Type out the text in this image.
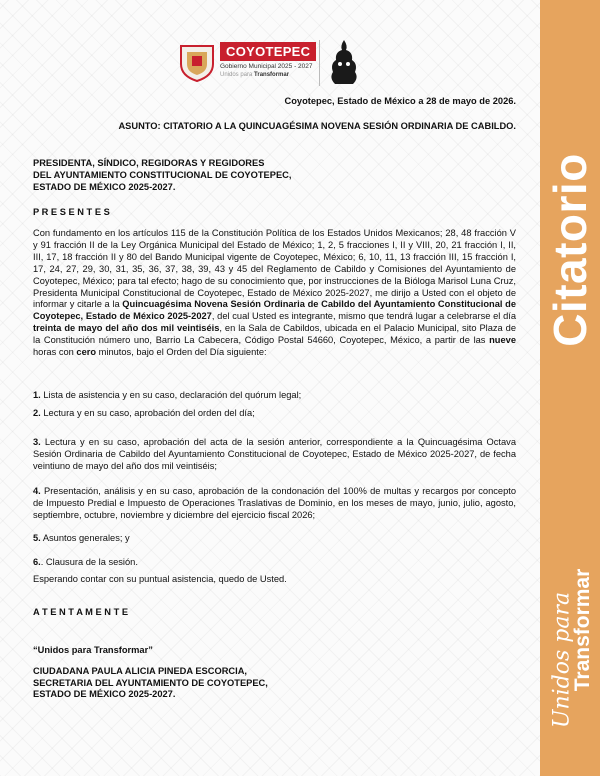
Citatorio
Unidos para
Transformar
COYOTEPEC
Gobierno Municipal 2025 - 2027
Unidos para Transformar
Coyotepec, Estado de México a 28 de mayo de 2026.
ASUNTO: CITATORIO A LA QUINCUAGÉSIMA NOVENA SESIÓN ORDINARIA DE CABILDO.
PRESIDENTA, SÍNDICO, REGIDORAS Y REGIDORES
DEL AYUNTAMIENTO CONSTITUCIONAL DE COYOTEPEC,
ESTADO DE MÉXICO 2025-2027.
P R E S E N T E S
Con fundamento en los artículos 115 de la Constitución Política de los Estados Unidos Mexicanos; 28, 48 fracción V y 91 fracción II de la Ley Orgánica Municipal del Estado de México; 1, 2, 5 fracciones I, II y VIII, 20, 21 fracción I, II, III, 17, 18 fracción II y 80 del Bando Municipal vigente de Coyotepec, México; 6, 10, 11, 13 fracción III, 15 fracción I, 17, 24, 27, 29, 30, 31, 35, 36, 37, 38, 39, 43 y 45 del Reglamento de Cabildo y Comisiones del Ayuntamiento de Coyotepec, México; para tal efecto; hago de su conocimiento que, por instrucciones de la Bióloga Marisol Luna Cruz, Presidenta Municipal Constitucional de Coyotepec, Estado de México 2025-2027, me dirijo a Usted con el objeto de informar y citarle a la Quincuagésima Novena Sesión Ordinaria de Cabildo del Ayuntamiento Constitucional de Coyotepec, Estado de México 2025-2027, del cual Usted es integrante, mismo que tendrá lugar a celebrarse el día treinta de mayo del año dos mil veintiséis, en la Sala de Cabildos, ubicada en el Palacio Municipal, sito Plaza de la Constitución número uno, Barrio La Cabecera, Código Postal 54660, Coyotepec, México, a partir de las nueve horas con cero minutos, bajo el Orden del Día siguiente:
1. Lista de asistencia y en su caso, declaración del quórum legal;
2. Lectura y en su caso, aprobación del orden del día;
3. Lectura y en su caso, aprobación del acta de la sesión anterior, correspondiente a la Quincuagésima Octava Sesión Ordinaria de Cabildo del Ayuntamiento Constitucional de Coyotepec, Estado de México 2025-2027, de fecha veintiuno de mayo del año dos mil veintiséis;
4. Presentación, análisis y en su caso, aprobación de la condonación del 100% de multas y recargos por concepto de Impuesto Predial e Impuesto de Operaciones Traslativas de Dominio, en los meses de mayo, junio, julio, agosto, septiembre, octubre, noviembre y diciembre del ejercicio fiscal 2026;
5. Asuntos generales; y
6.. Clausura de la sesión.
Esperando contar con su puntual asistencia, quedo de Usted.
A T E N T A M E N T E
“Unidos para Transformar”
CIUDADANA PAULA ALICIA PINEDA ESCORCIA,
SECRETARIA DEL AYUNTAMIENTO DE COYOTEPEC,
ESTADO DE MÉXICO 2025-2027.
